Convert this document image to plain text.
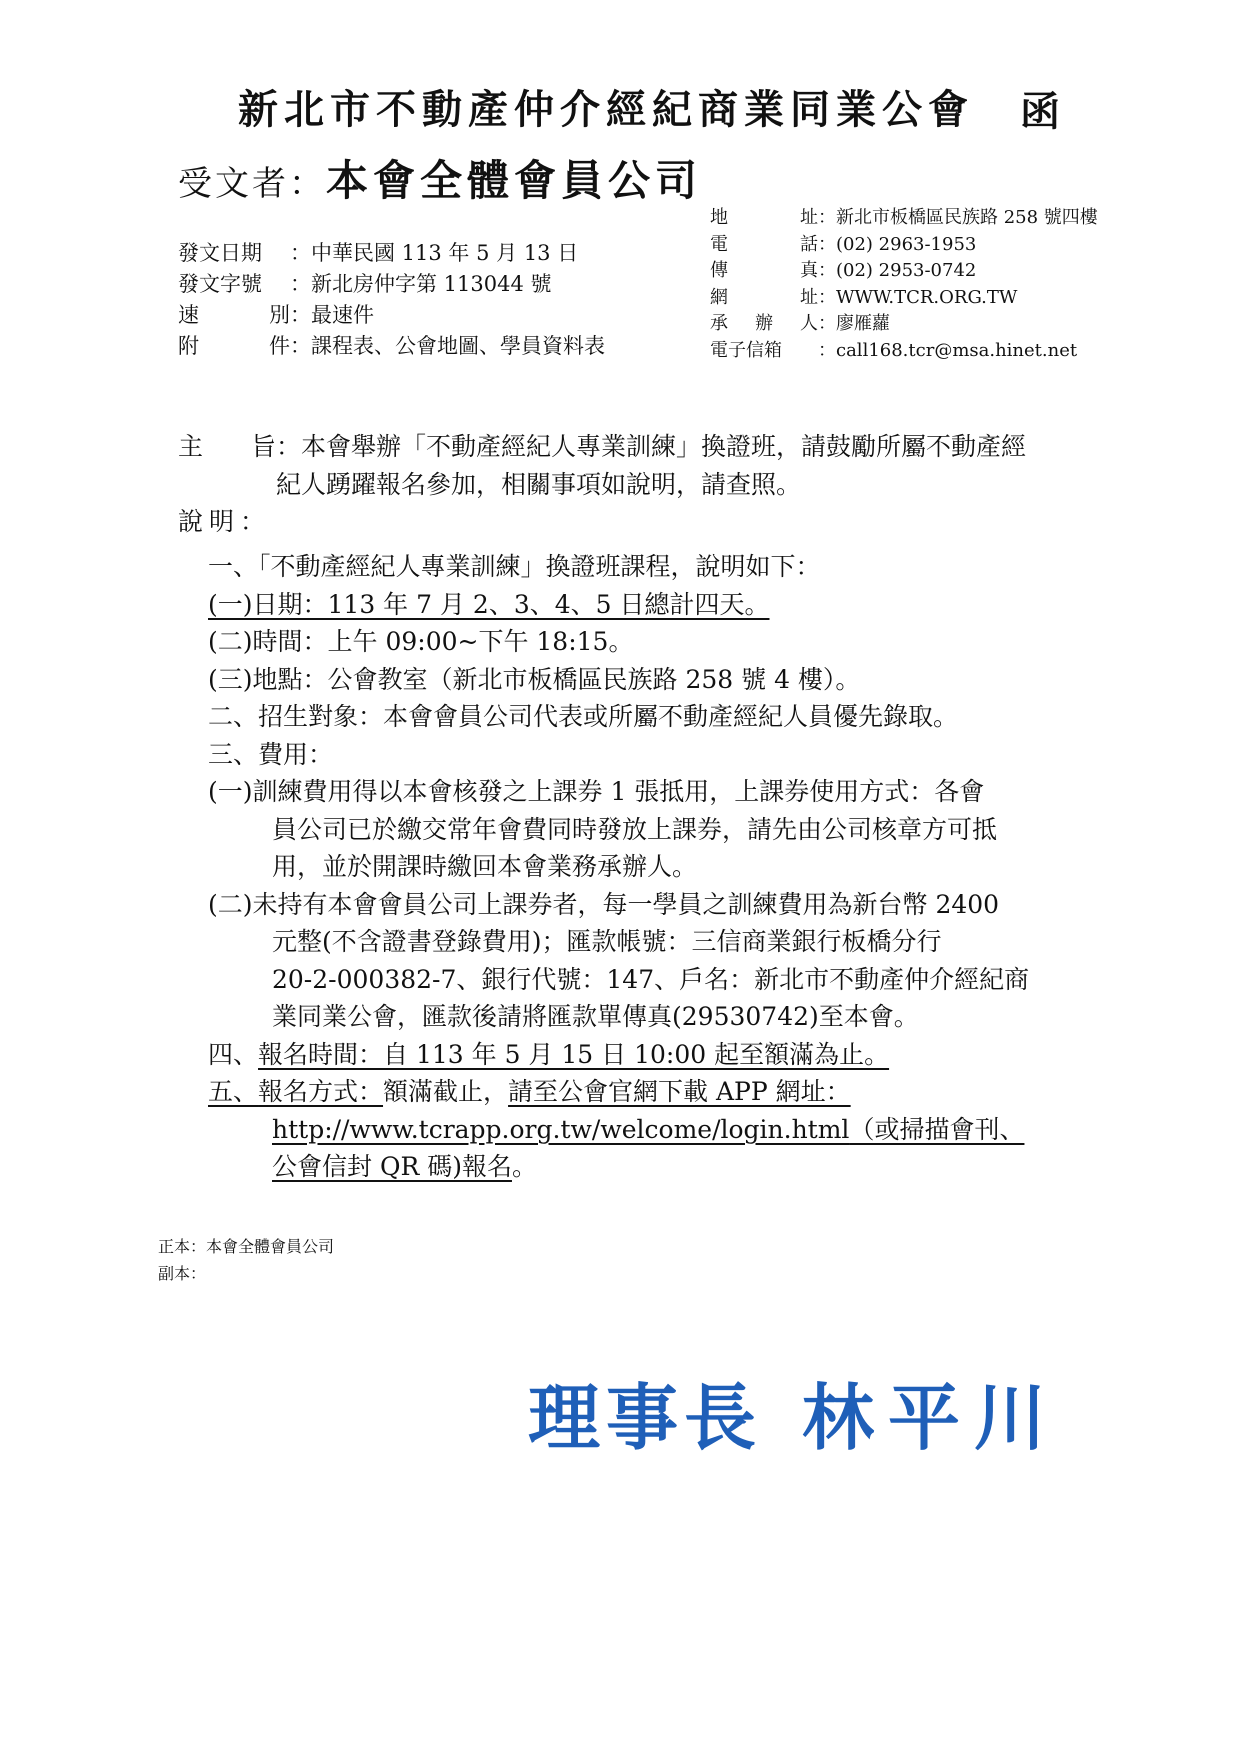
新北市不動產仲介經紀商業同業公會 函
受文者：本會全體會員公司
地	址 ：新北市板橋區民族路 258 號四樓
電	話 ：(02) 2963-1953
傳	真 ：(02) 2953-0742
網	址 ：WWW.TCR.ORG.TW
承 辦 人 ：廖雁蘿
電子信箱 ：call168.tcr@msa.hinet.net
發文日期 ：中華民國 113 年 5 月 13 日
發文字號 ：新北房仲字第 113044 號
速	別 ：最速件
附	件 ：課程表、公會地圖、學員資料表
主 旨 ：本會舉辦「不動產經紀人專業訓練」換證班，請鼓勵所屬不動產經
紀人踴躍報名參加，相關事項如說明，請查照。
說明：
一、「不動產經紀人專業訓練」換證班課程，說明如下：
(一)日期：113 年 7 月 2、3、4、5 日總計四天。
(二)時間：上午 09:00~下午 18:15。
(三)地點：公會教室（新北市板橋區民族路 258 號 4 樓）。
二、招生對象：本會會員公司代表或所屬不動產經紀人員優先錄取。
三、費用：
(一)訓練費用得以本會核發之上課券 1 張抵用，上課券使用方式：各會
員公司已於繳交常年會費同時發放上課券，請先由公司核章方可抵
用，並於開課時繳回本會業務承辦人。
(二)未持有本會會員公司上課券者，每一學員之訓練費用為新台幣 2400
元整(不含證書登錄費用)；匯款帳號：三信商業銀行板橋分行
20-2-000382-7、銀行代號：147、戶名：新北市不動產仲介經紀商
業同業公會，匯款後請將匯款單傳真(29530742)至本會。
四、報名時間：自 113 年 5 月 15 日 10:00 起至額滿為止。
五、報名方式：額滿截止，請至公會官網下載 APP 網址：
http://www.tcrapp.org.tw/welcome/login.html（或掃描會刊、
公會信封 QR 碼)報名。
正本：本會全體會員公司
副本：
理事長 林平川
